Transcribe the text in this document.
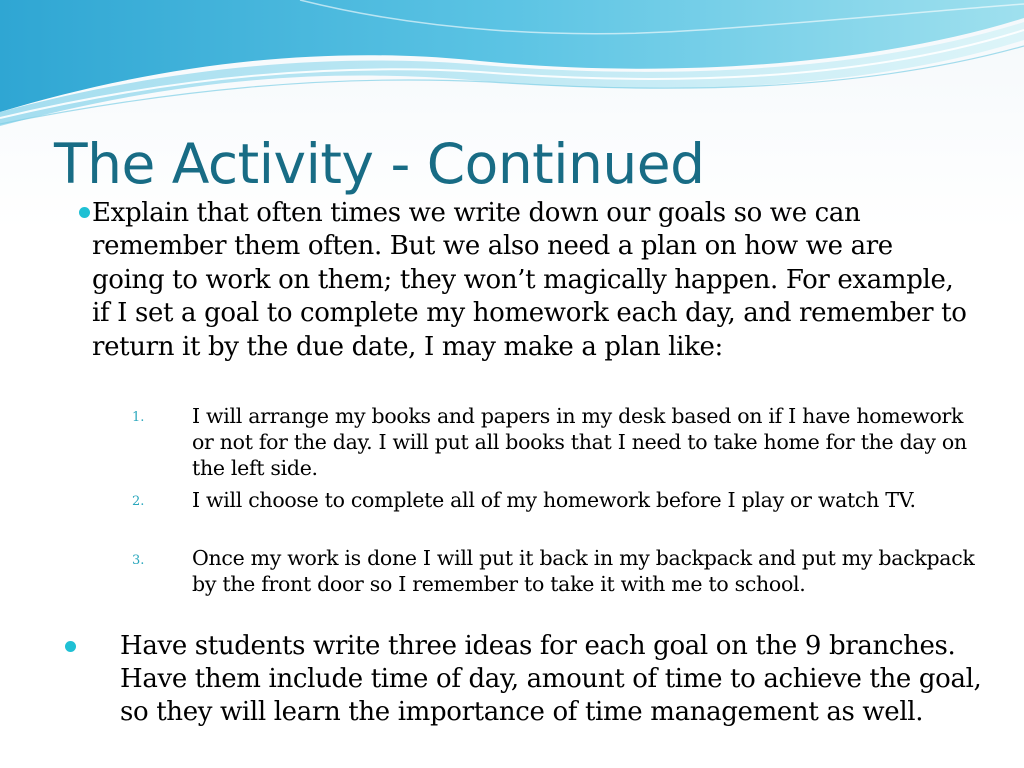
The Activity - Continued

Explain that often times we write down our goals so we can remember them often. But we also need a plan on how we are going to work on them; they won’t magically happen. For example, if I set a goal to complete my homework each day, and remember to return it by the due date, I may make a plan like:

1. I will arrange my books and papers in my desk based on if I have homework or not for the day. I will put all books that I need to take home for the day on the left side.

2. I will choose to complete all of my homework before I play or watch TV.

3. Once my work is done I will put it back in my backpack and put my backpack by the front door so I remember to take it with me to school.

Have students write three ideas for each goal on the 9 branches. Have them include time of day, amount of time to achieve the goal, so they will learn the importance of time management as well.
